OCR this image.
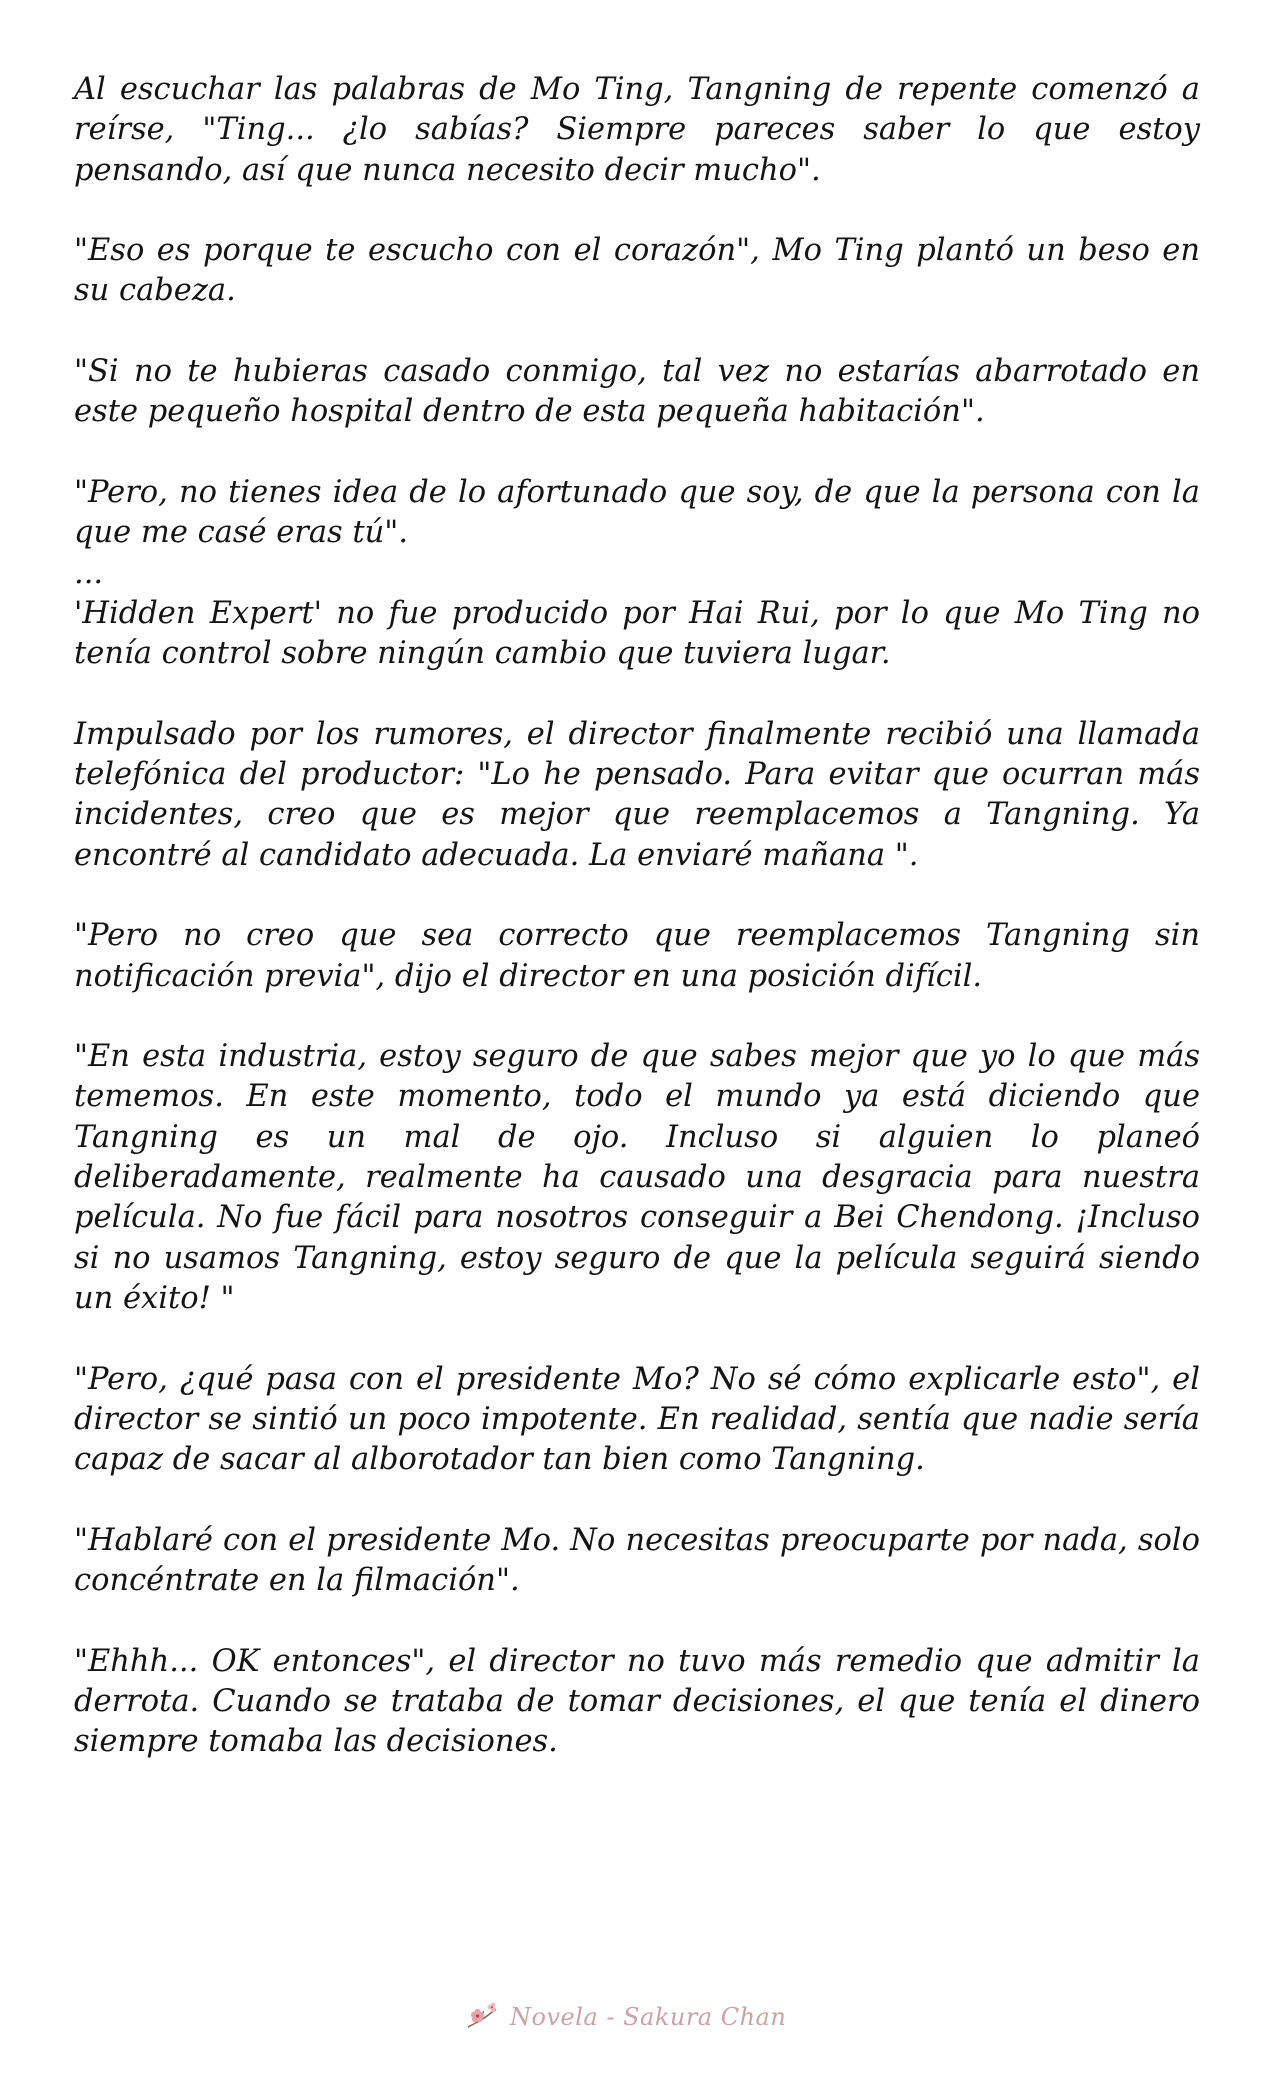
Al escuchar las palabras de Mo Ting, Tangning de repente comenzó a reírse, "Ting... ¿lo sabías? Siempre pareces saber lo que estoy pensando, así que nunca necesito decir mucho".

"Eso es porque te escucho con el corazón", Mo Ting plantó un beso en su cabeza.

"Si no te hubieras casado conmigo, tal vez no estarías abarrotado en este pequeño hospital dentro de esta pequeña habitación".

"Pero, no tienes idea de lo afortunado que soy, de que la persona con la que me casé eras tú".

...

'Hidden Expert' no fue producido por Hai Rui, por lo que Mo Ting no tenía control sobre ningún cambio que tuviera lugar.

Impulsado por los rumores, el director finalmente recibió una llamada telefónica del productor: "Lo he pensado. Para evitar que ocurran más incidentes, creo que es mejor que reemplacemos a Tangning. Ya encontré al candidato adecuada. La enviaré mañana ".

"Pero no creo que sea correcto que reemplacemos Tangning sin notificación previa", dijo el director en una posición difícil.

"En esta industria, estoy seguro de que sabes mejor que yo lo que más tememos. En este momento, todo el mundo ya está diciendo que Tangning es un mal de ojo. Incluso si alguien lo planeó deliberadamente, realmente ha causado una desgracia para nuestra película. No fue fácil para nosotros conseguir a Bei Chendong. ¡Incluso si no usamos Tangning, estoy seguro de que la película seguirá siendo un éxito! "

"Pero, ¿qué pasa con el presidente Mo? No sé cómo explicarle esto", el director se sintió un poco impotente. En realidad, sentía que nadie sería capaz de sacar al alborotador tan bien como Tangning.

"Hablaré con el presidente Mo. No necesitas preocuparte por nada, solo concéntrate en la filmación".

"Ehhh... OK entonces", el director no tuvo más remedio que admitir la derrota. Cuando se trataba de tomar decisiones, el que tenía el dinero siempre tomaba las decisiones.

Novela - Sakura Chan
